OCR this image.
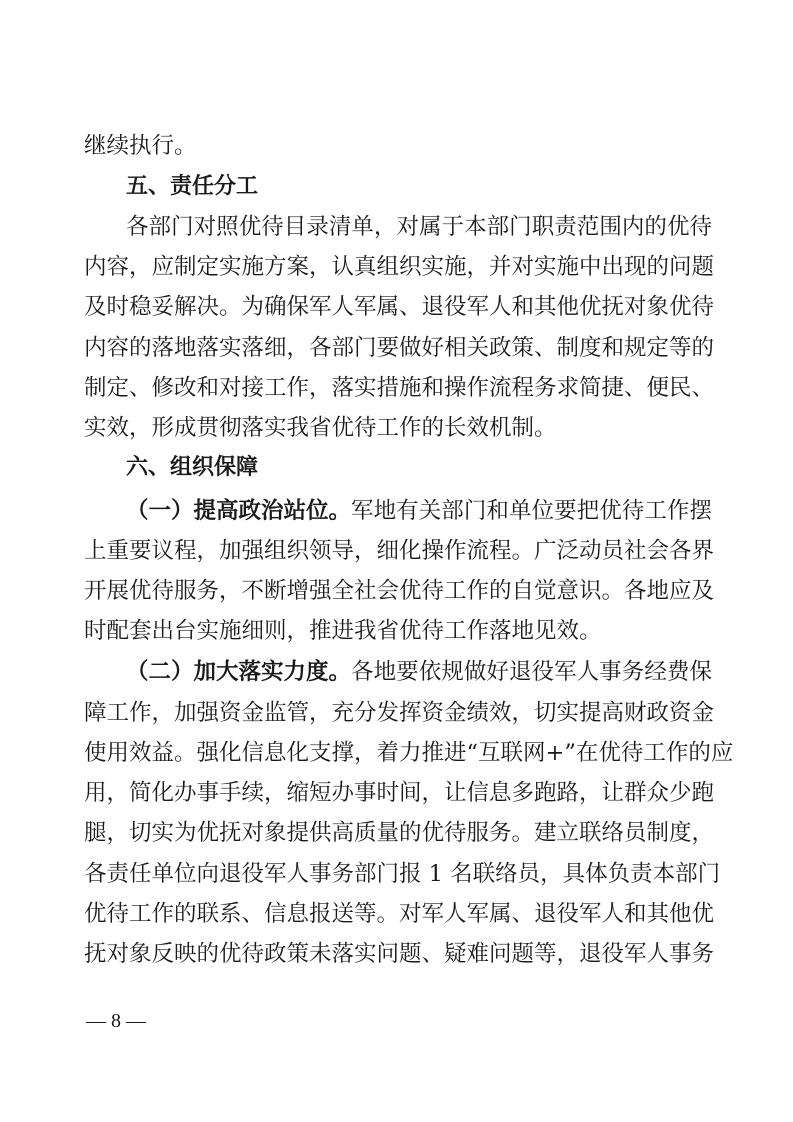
继续执行。
五、责任分工
各部门对照优待目录清单，对属于本部门职责范围内的优待
内容，应制定实施方案，认真组织实施，并对实施中出现的问题
及时稳妥解决。为确保军人军属、退役军人和其他优抚对象优待
内容的落地落实落细，各部门要做好相关政策、制度和规定等的
制定、修改和对接工作，落实措施和操作流程务求简捷、便民、
实效，形成贯彻落实我省优待工作的长效机制。
六、组织保障
（一）提高政治站位。 军地有关部门和单位要把优待工作摆
上重要议程，加强组织领导，细化操作流程。广泛动员社会各界
开展优待服务，不断增强全社会优待工作的自觉意识。各地应及
时配套出台实施细则，推进我省优待工作落地见效。
（二）加大落实力度。 各地要依规做好退役军人事务经费保
障工作，加强资金监管，充分发挥资金绩效，切实提高财政资金
使用效益。强化信息化支撑，着力推进“互联网+”在优待工作的应
用，简化办事手续，缩短办事时间，让信息多跑路，让群众少跑
腿，切实为优抚对象提供高质量的优待服务。建立联络员制度，
各责任单位向退役军人事务部门报 1 名联络员，具体负责本部门
优待工作的联系、信息报送等。对军人军属、退役军人和其他优
抚对象反映的优待政策未落实问题、疑难问题等，退役军人事务
— 8 —
